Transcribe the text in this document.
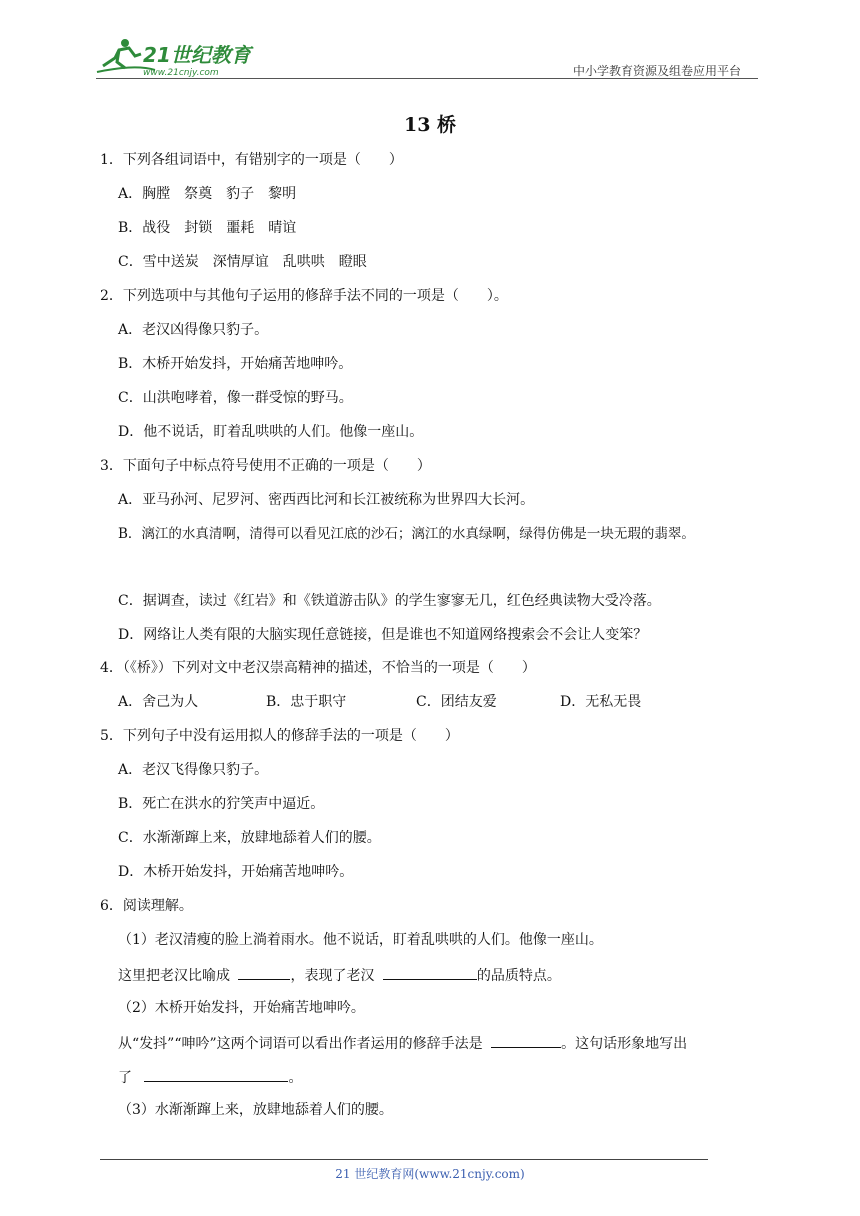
21世纪教育
www.21cnjy.com	中小学教育资源及组卷应用平台
13 桥
1．下列各组词语中，有错别字的一项是（　　）
A．胸膛　祭奠　豹子　黎明
B．战役　封锁　噩耗　晴谊
C．雪中送炭　深情厚谊　乱哄哄　瞪眼
2．下列选项中与其他句子运用的修辞手法不同的一项是（　　）。
A．老汉凶得像只豹子。
B．木桥开始发抖，开始痛苦地呻吟。
C．山洪咆哮着，像一群受惊的野马。
D．他不说话，盯着乱哄哄的人们。他像一座山。
3．下面句子中标点符号使用不正确的一项是（　　）
A．亚马孙河、尼罗河、密西西比河和长江被统称为世界四大长河。
B．漓江的水真清啊，清得可以看见江底的沙石；漓江的水真绿啊，绿得仿佛是一块无瑕的翡翠。
C．据调查，读过《红岩》和《铁道游击队》的学生寥寥无几，红色经典读物大受冷落。
D．网络让人类有限的大脑实现任意链接，但是谁也不知道网络搜索会不会让人变笨？
4．（《桥》）下列对文中老汉崇高精神的描述，不恰当的一项是（　　）
A．舍己为人	B．忠于职守	C．团结友爱	D．无私无畏
5．下列句子中没有运用拟人的修辞手法的一项是（　　）
A．老汉飞得像只豹子。
B．死亡在洪水的狞笑声中逼近。
C．水渐渐蹿上来，放肆地舔着人们的腰。
D．木桥开始发抖，开始痛苦地呻吟。
6．阅读理解。
（1）老汉清瘦的脸上淌着雨水。他不说话，盯着乱哄哄的人们。他像一座山。
这里把老汉比喻成	，表现了老汉	的品质特点。
（2）木桥开始发抖，开始痛苦地呻吟。
从“发抖”“呻吟”这两个词语可以看出作者运用的修辞手法是	。这句话形象地写出
了	。
（3）水渐渐蹿上来，放肆地舔着人们的腰。
21 世纪教育网(www.21cnjy.com)
